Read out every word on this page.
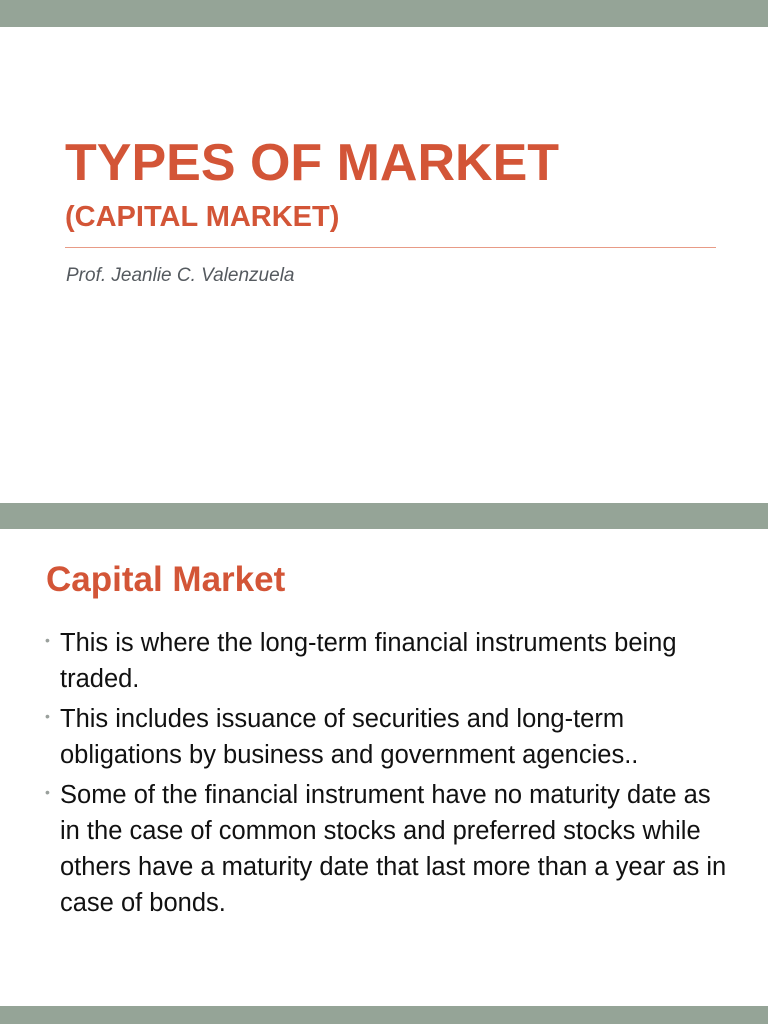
TYPES OF MARKET
(CAPITAL MARKET)

Prof. Jeanlie C. Valenzuela

Capital Market
• This is where the long-term financial instruments being traded.
• This includes issuance of securities and long-term obligations by business and government agencies..
• Some of the financial instrument have no maturity date as in the case of common stocks and preferred stocks while others have a maturity date that last more than a year as in case of bonds.
